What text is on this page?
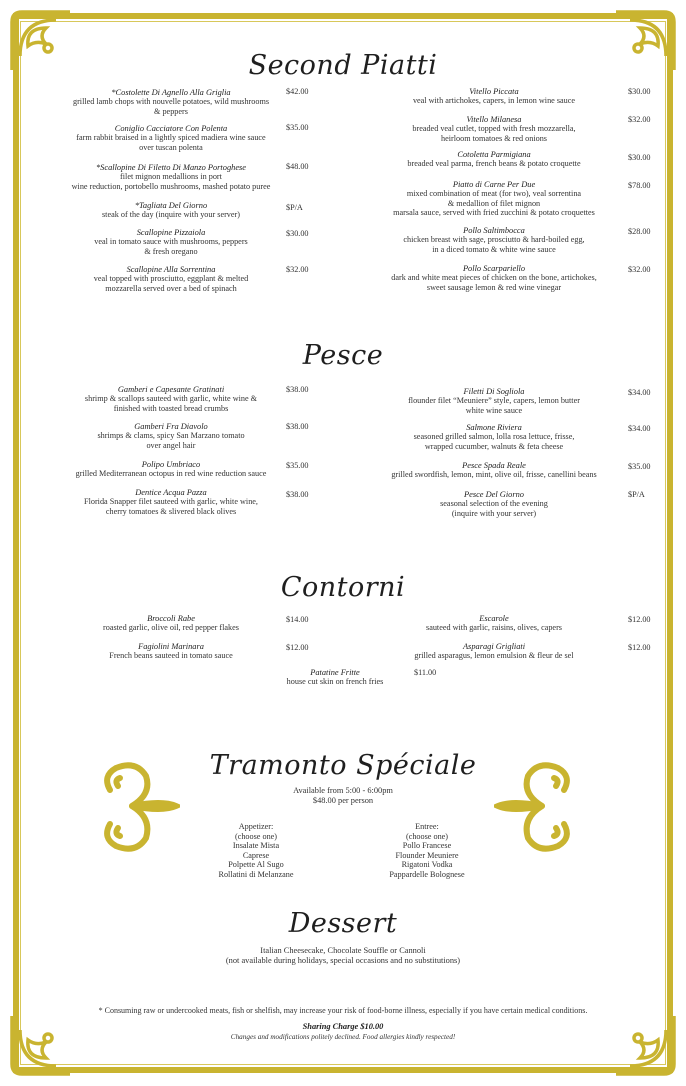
Second Piatti
*Costolette Di Agnello Alla Griglia
grilled lamb chops with nouvelle potatoes, wild mushrooms
& peppers
$42.00
Coniglio Cacciatore Con Polenta
farm rabbit braised in a lightly spiced madiera wine sauce
over tuscan polenta
$35.00
*Scallopine Di Filetto Di Manzo Portoghese
filet mignon medallions in port
wine reduction, portobello mushrooms, mashed potato puree
$48.00
*Tagliata Del Giorno
steak of the day (inquire with your server)
$P/A
Scallopine Pizzaiola
veal in tomato sauce with mushrooms, peppers
& fresh oregano
$30.00
Scallopine Alla Sorrentina
veal topped with prosciutto, eggplant & melted
mozzarella served over a bed of spinach
$32.00
Vitello Piccata
veal with artichokes, capers, in lemon wine sauce
$30.00
Vitello Milanesa
breaded veal cutlet, topped with fresh mozzarella,
heirloom tomatoes & red onions
$32.00
Cotoletta Parmigiana
breaded veal parma, french beans & potato croquette
$30.00
Piatto di Carne Per Due
mixed combination of meat (for two), veal sorrentina
& medallion of filet mignon
marsala sauce, served with fried zucchini & potato croquettes
$78.00
Pollo Saltimbocca
chicken breast with sage, prosciutto & hard-boiled egg,
in a diced tomato & white wine sauce
$28.00
Pollo Scarpariello
dark and white meat pieces of chicken on the bone, artichokes,
sweet sausage lemon & red wine vinegar
$32.00
Pesce
Gamberi e Capesante Gratinati
shrimp & scallops sauteed with garlic, white wine &
finished with toasted bread crumbs
$38.00
Gamberi Fra Diavolo
shrimps & clams, spicy San Marzano tomato
over angel hair
$38.00
Polipo Umbriaco
grilled Mediterranean octopus in red wine reduction sauce
$35.00
Dentice Acqua Pazza
Florida Snapper filet sauteed with garlic, white wine,
cherry tomatoes & slivered black olives
$38.00
Filetti Di Sogliola
flounder filet “Meuniere” style, capers, lemon butter
white wine sauce
$34.00
Salmone Riviera
seasoned grilled salmon, lolla rosa lettuce, frisse,
wrapped cucumber, walnuts & feta cheese
$34.00
Pesce Spada Reale
grilled swordfish, lemon, mint, olive oil, frisse, canellini beans
$35.00
Pesce Del Giorno
seasonal selection of the evening
(inquire with your server)
$P/A
Contorni
Broccoli Rabe
roasted garlic, olive oil, red pepper flakes
$14.00
Fagiolini Marinara
French beans sauteed in tomato sauce
$12.00
Escarole
sauteed with garlic, raisins, olives, capers
$12.00
Asparagi Grigliati
grilled asparagus, lemon emulsion & fleur de sel
$12.00
Patatine Fritte
house cut skin on french fries
$11.00
Tramonto Spéciale
Available from 5:00 - 6:00pm
$48.00 per person
Appetizer:
(choose one)
Insalate Mista
Caprese
Polpette Al Sugo
Rollatini di Melanzane
Entree:
(choose one)
Pollo Francese
Flounder Meuniere
Rigatoni Vodka
Pappardelle Bolognese
Dessert
Italian Cheesecake, Chocolate Souffle or Cannoli
(not available during holidays, special occasions and no substitutions)
* Consuming raw or undercooked meats, fish or shelfish, may increase your risk of food-borne illness, especially if you have certain medical conditions.
Sharing Charge $10.00
Changes and modifications politely declined. Food allergies kindly respected!
